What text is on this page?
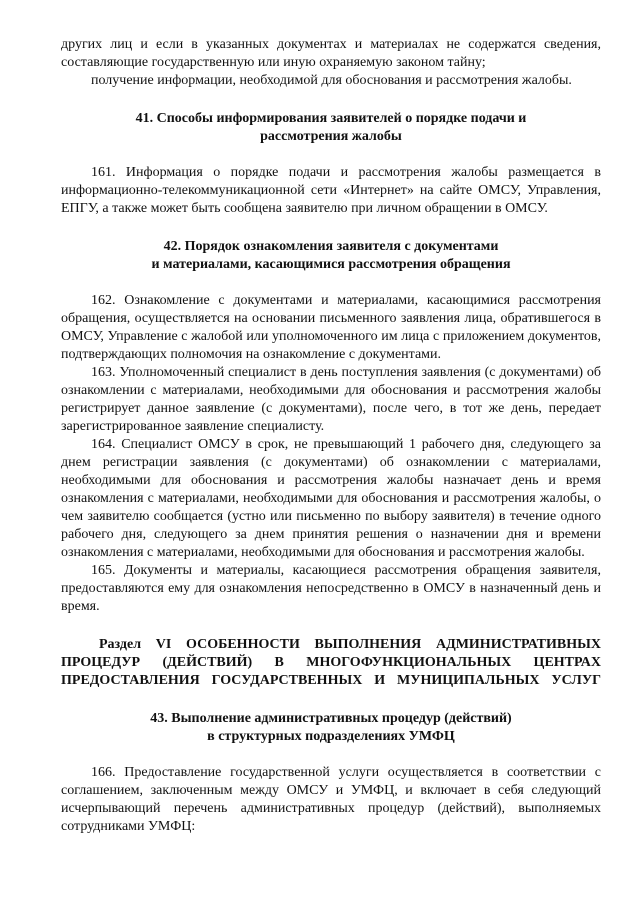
других лиц и если в указанных документах и материалах не содержатся сведения,
составляющие государственную или иную охраняемую законом тайну;

получение информации, необходимой для обоснования и рассмотрения жалобы.

41. Способы информирования заявителей о порядке подачи и
рассмотрения жалобы

161. Информация о порядке подачи и рассмотрения жалобы размещается в информационно-телекоммуникационной сети «Интернет» на сайте ОМСУ, Управления, ЕПГУ, а также может быть сообщена заявителю при личном обращении в ОМСУ.

42. Порядок ознакомления заявителя с документами
и материалами, касающимися рассмотрения обращения

162. Ознакомление с документами и материалами, касающимися рассмотрения обращения, осуществляется на основании письменного заявления лица, обратившегося в ОМСУ, Управление с жалобой или уполномоченного им лица с приложением документов, подтверждающих полномочия на ознакомление с документами.

163. Уполномоченный специалист в день поступления заявления (с документами) об ознакомлении с материалами, необходимыми для обоснования и рассмотрения жалобы регистрирует данное заявление (с документами), после чего, в тот же день, передает зарегистрированное заявление специалисту.

164. Специалист ОМСУ в срок, не превышающий 1 рабочего дня, следующего за днем регистрации заявления (с документами) об ознакомлении с материалами, необходимыми для обоснования и рассмотрения жалобы назначает день и время ознакомления с материалами, необходимыми для обоснования и рассмотрения жалобы, о чем заявителю сообщается (устно или письменно по выбору заявителя) в течение одного рабочего дня, следующего за днем принятия решения о назначении дня и времени ознакомления с материалами, необходимыми для обоснования и рассмотрения жалобы.

165. Документы и материалы, касающиеся рассмотрения обращения заявителя, предоставляются ему для ознакомления непосредственно в ОМСУ в назначенный день и время.

Раздел VI ОСОБЕННОСТИ ВЫПОЛНЕНИЯ АДМИНИСТРАТИВНЫХ
ПРОЦЕДУР (ДЕЙСТВИЙ) В МНОГОФУНКЦИОНАЛЬНЫХ ЦЕНТРАХ
ПРЕДОСТАВЛЕНИЯ ГОСУДАРСТВЕННЫХ И МУНИЦИПАЛЬНЫХ УСЛУГ
43. Выполнение административных процедур (действий)
в структурных подразделениях УМФЦ

166. Предоставление государственной услуги осуществляется в соответствии с соглашением, заключенным между ОМСУ и УМФЦ, и включает в себя следующий исчерпывающий перечень административных процедур (действий), выполняемых сотрудниками УМФЦ:
